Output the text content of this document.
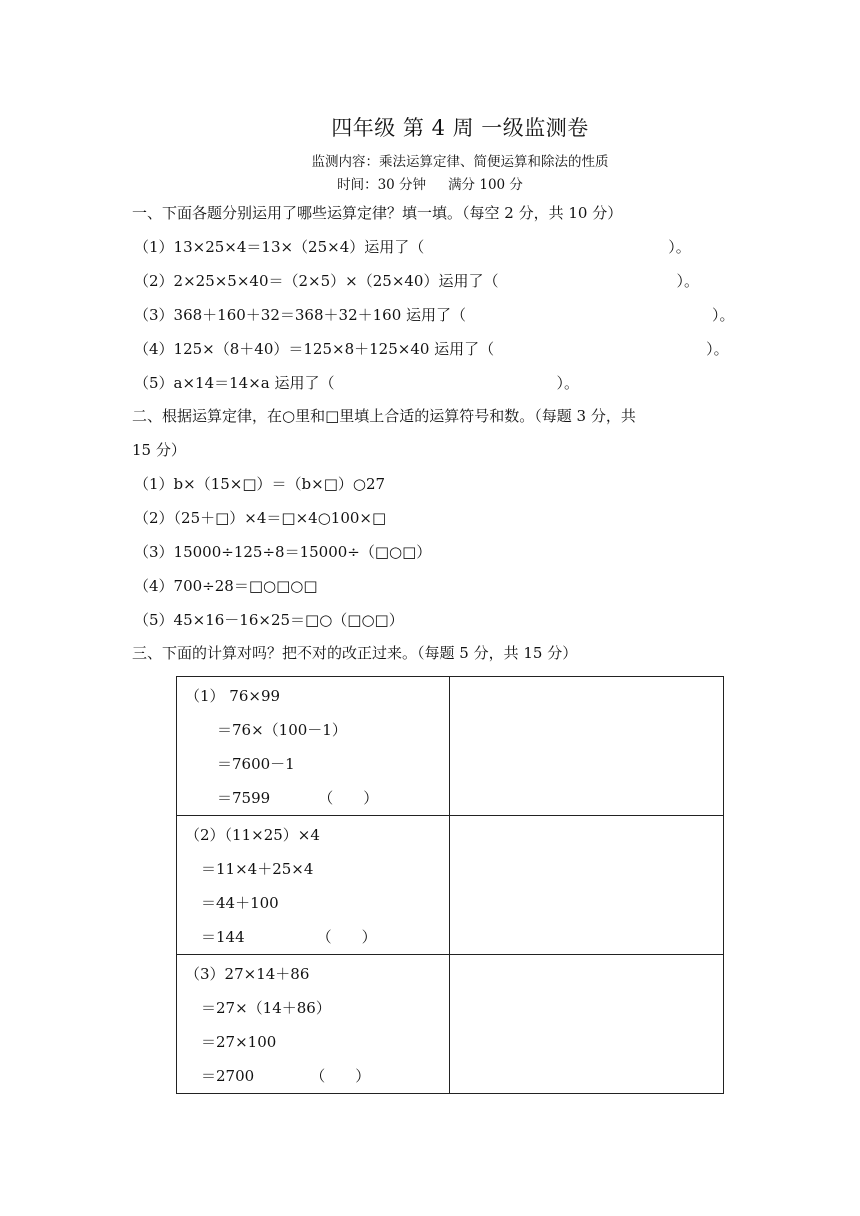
四年级 第 4 周 一级监测卷
监测内容：乘法运算定律、简便运算和除法的性质
时间：30 分钟 满分 100 分
一、下面各题分别运用了哪些运算定律？填一填。（每空 2 分，共 10 分）
（1）13×25×4＝13×（25×4）运用了（	）。
（2）2×25×5×40＝（2×5）×（25×40）运用了（	）。
（3）368＋160＋32＝368＋32＋160 运用了（	）。
（4）125×（8＋40）＝125×8＋125×40 运用了（	）。
（5）a×14＝14×a 运用了（	）。
二、根据运算定律，在○里和□里填上合适的运算符号和数。（每题 3 分，共
15 分）
（1）b×（15×□）＝（b×□）○27
（2）（25＋□）×4＝□×4○100×□
（3）15000÷125÷8＝15000÷（□○□）
（4）700÷28＝□○□○□
（5）45×16－16×25＝□○（□○□）
三、下面的计算对吗？把不对的改正过来。（每题 5 分，共 15 分）
（1） 76×99
＝76×（100－1）
＝7600－1
＝7599 （　　）	

（2）（11×25）×4
＝11×4＋25×4
＝44＋100
＝144 （　　）	

（3）27×14＋86
＝27×（14＋86）
＝27×100
＝2700 （　　）	
